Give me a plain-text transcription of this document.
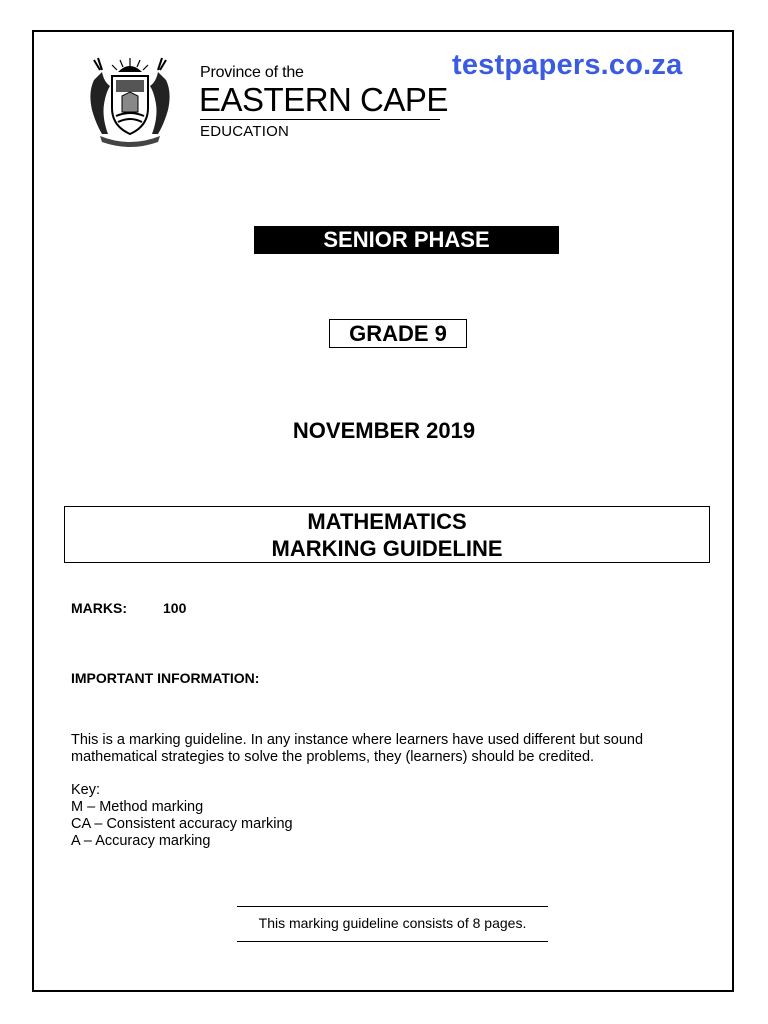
Province of the
EASTERN CAPE
EDUCATION
testpapers.co.za
SENIOR PHASE
GRADE 9
NOVEMBER 2019
MATHEMATICS
MARKING GUIDELINE
MARKS:	100
IMPORTANT INFORMATION:
This is a marking guideline. In any instance where learners have used different but sound mathematical strategies to solve the problems, they (learners) should be credited.
Key:
M – Method marking
CA – Consistent accuracy marking
A – Accuracy marking
This marking guideline consists of 8 pages.
